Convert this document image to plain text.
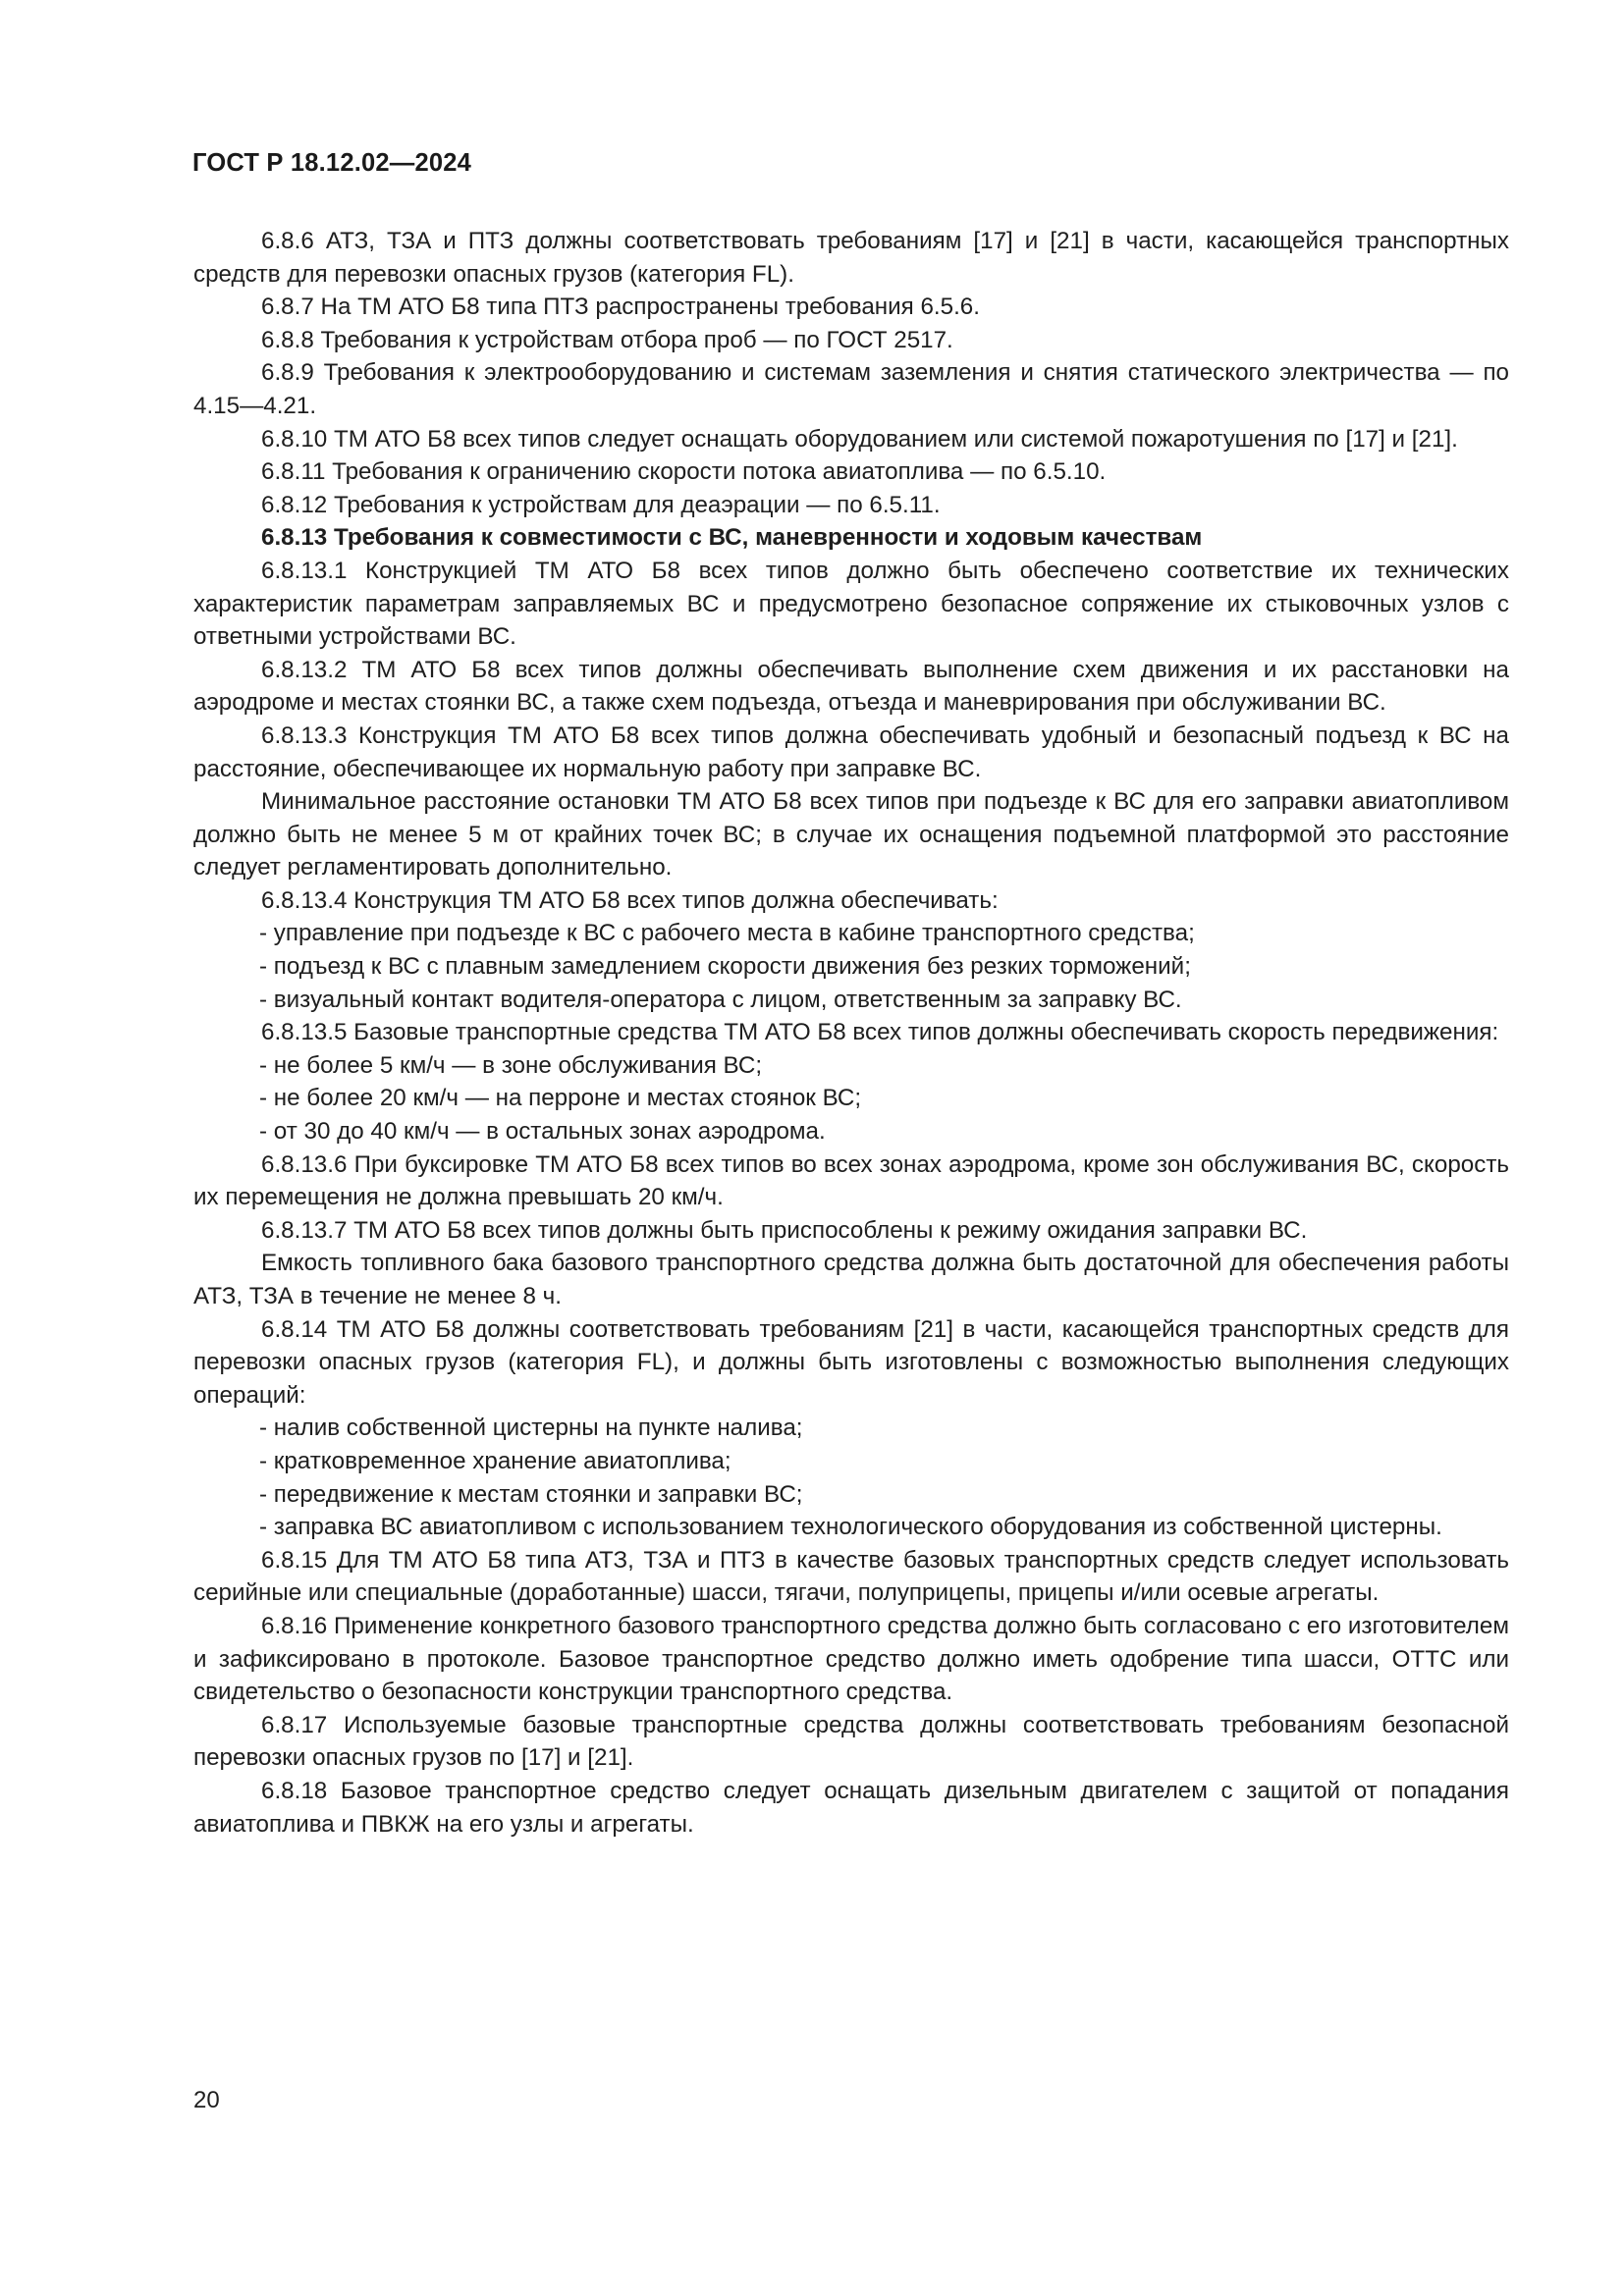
ГОСТ Р 18.12.02—2024

6.8.6 АТЗ, ТЗА и ПТЗ должны соответствовать требованиям [17] и [21] в части, касающейся транспортных средств для перевозки опасных грузов (категория FL).

6.8.7 На ТМ АТО Б8 типа ПТЗ распространены требования 6.5.6.

6.8.8 Требования к устройствам отбора проб — по ГОСТ 2517.

6.8.9 Требования к электрооборудованию и системам заземления и снятия статического электричества — по 4.15—4.21.

6.8.10 ТМ АТО Б8 всех типов следует оснащать оборудованием или системой пожаротушения по [17] и [21].

6.8.11 Требования к ограничению скорости потока авиатоплива — по 6.5.10.

6.8.12 Требования к устройствам для деаэрации — по 6.5.11.

6.8.13 Требования к совместимости с ВС, маневренности и ходовым качествам

6.8.13.1 Конструкцией ТМ АТО Б8 всех типов должно быть обеспечено соответствие их технических характеристик параметрам заправляемых ВС и предусмотрено безопасное сопряжение их стыковочных узлов с ответными устройствами ВС.

6.8.13.2 ТМ АТО Б8 всех типов должны обеспечивать выполнение схем движения и их расстановки на аэродроме и местах стоянки ВС, а также схем подъезда, отъезда и маневрирования при обслуживании ВС.

6.8.13.3 Конструкция ТМ АТО Б8 всех типов должна обеспечивать удобный и безопасный подъезд к ВС на расстояние, обеспечивающее их нормальную работу при заправке ВС.

Минимальное расстояние остановки ТМ АТО Б8 всех типов при подъезде к ВС для его заправки авиатопливом должно быть не менее 5 м от крайних точек ВС; в случае их оснащения подъемной платформой это расстояние следует регламентировать дополнительно.

6.8.13.4 Конструкция ТМ АТО Б8 всех типов должна обеспечивать:

- управление при подъезде к ВС с рабочего места в кабине транспортного средства;

- подъезд к ВС с плавным замедлением скорости движения без резких торможений;

- визуальный контакт водителя-оператора с лицом, ответственным за заправку ВС.

6.8.13.5 Базовые транспортные средства ТМ АТО Б8 всех типов должны обеспечивать скорость передвижения:

- не более 5 км/ч — в зоне обслуживания ВС;

- не более 20 км/ч — на перроне и местах стоянок ВС;

- от 30 до 40 км/ч — в остальных зонах аэродрома.

6.8.13.6 При буксировке ТМ АТО Б8 всех типов во всех зонах аэродрома, кроме зон обслуживания ВС, скорость их перемещения не должна превышать 20 км/ч.

6.8.13.7 ТМ АТО Б8 всех типов должны быть приспособлены к режиму ожидания заправки ВС.

Емкость топливного бака базового транспортного средства должна быть достаточной для обеспечения работы АТЗ, ТЗА в течение не менее 8 ч.

6.8.14 ТМ АТО Б8 должны соответствовать требованиям [21] в части, касающейся транспортных средств для перевозки опасных грузов (категория FL), и должны быть изготовлены с возможностью выполнения следующих операций:

- налив собственной цистерны на пункте налива;

- кратковременное хранение авиатоплива;

- передвижение к местам стоянки и заправки ВС;

- заправка ВС авиатопливом с использованием технологического оборудования из собственной цистерны.

6.8.15 Для ТМ АТО Б8 типа АТЗ, ТЗА и ПТЗ в качестве базовых транспортных средств следует использовать серийные или специальные (доработанные) шасси, тягачи, полуприцепы, прицепы и/или осевые агрегаты.

6.8.16 Применение конкретного базового транспортного средства должно быть согласовано с его изготовителем и зафиксировано в протоколе. Базовое транспортное средство должно иметь одобрение типа шасси, ОТТС или свидетельство о безопасности конструкции транспортного средства.

6.8.17 Используемые базовые транспортные средства должны соответствовать требованиям безопасной перевозки опасных грузов по [17] и [21].

6.8.18 Базовое транспортное средство следует оснащать дизельным двигателем с защитой от попадания авиатоплива и ПВКЖ на его узлы и агрегаты.

20
